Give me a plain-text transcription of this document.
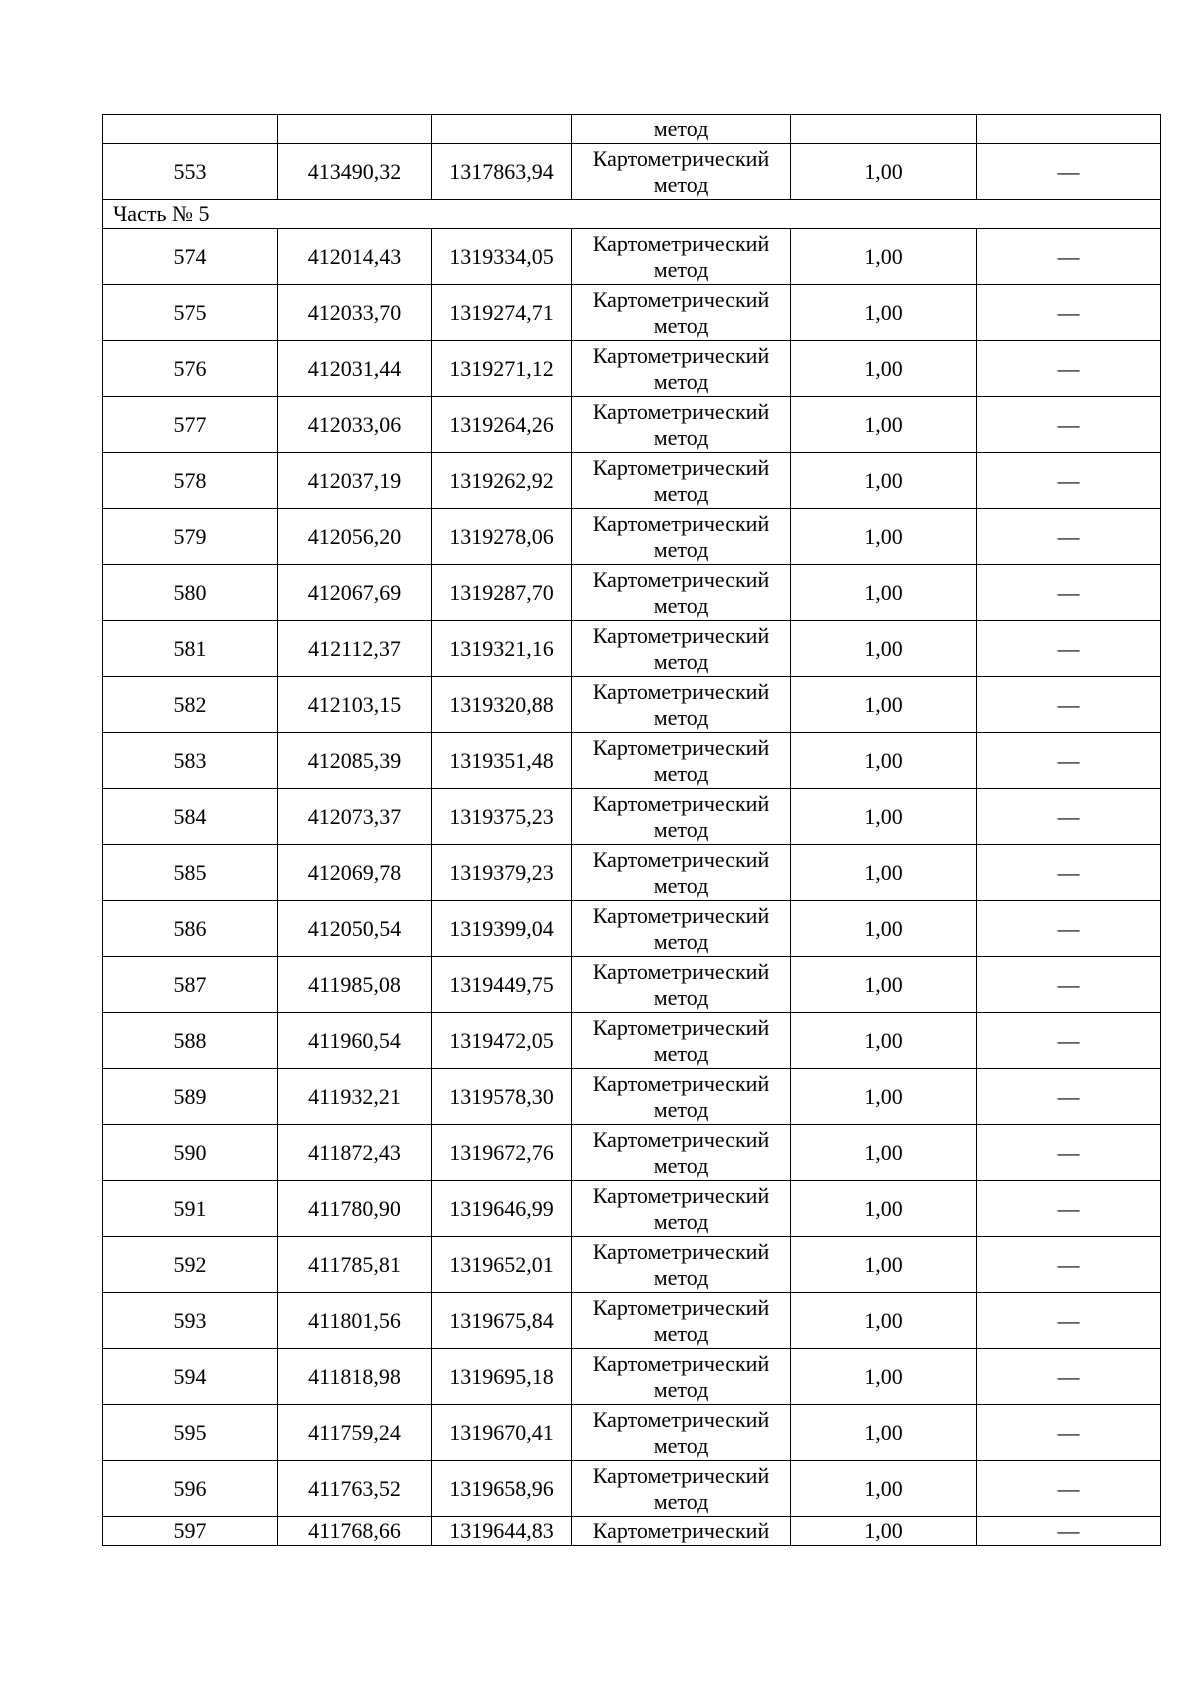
			метод		
553	413490,32	1317863,94	Картометрический метод	1,00	—
Часть № 5					
574	412014,43	1319334,05	Картометрический метод	1,00	—
575	412033,70	1319274,71	Картометрический метод	1,00	—
576	412031,44	1319271,12	Картометрический метод	1,00	—
577	412033,06	1319264,26	Картометрический метод	1,00	—
578	412037,19	1319262,92	Картометрический метод	1,00	—
579	412056,20	1319278,06	Картометрический метод	1,00	—
580	412067,69	1319287,70	Картометрический метод	1,00	—
581	412112,37	1319321,16	Картометрический метод	1,00	—
582	412103,15	1319320,88	Картометрический метод	1,00	—
583	412085,39	1319351,48	Картометрический метод	1,00	—
584	412073,37	1319375,23	Картометрический метод	1,00	—
585	412069,78	1319379,23	Картометрический метод	1,00	—
586	412050,54	1319399,04	Картометрический метод	1,00	—
587	411985,08	1319449,75	Картометрический метод	1,00	—
588	411960,54	1319472,05	Картометрический метод	1,00	—
589	411932,21	1319578,30	Картометрический метод	1,00	—
590	411872,43	1319672,76	Картометрический метод	1,00	—
591	411780,90	1319646,99	Картометрический метод	1,00	—
592	411785,81	1319652,01	Картометрический метод	1,00	—
593	411801,56	1319675,84	Картометрический метод	1,00	—
594	411818,98	1319695,18	Картометрический метод	1,00	—
595	411759,24	1319670,41	Картометрический метод	1,00	—
596	411763,52	1319658,96	Картометрический метод	1,00	—
597	411768,66	1319644,83	Картометрический	1,00	—
